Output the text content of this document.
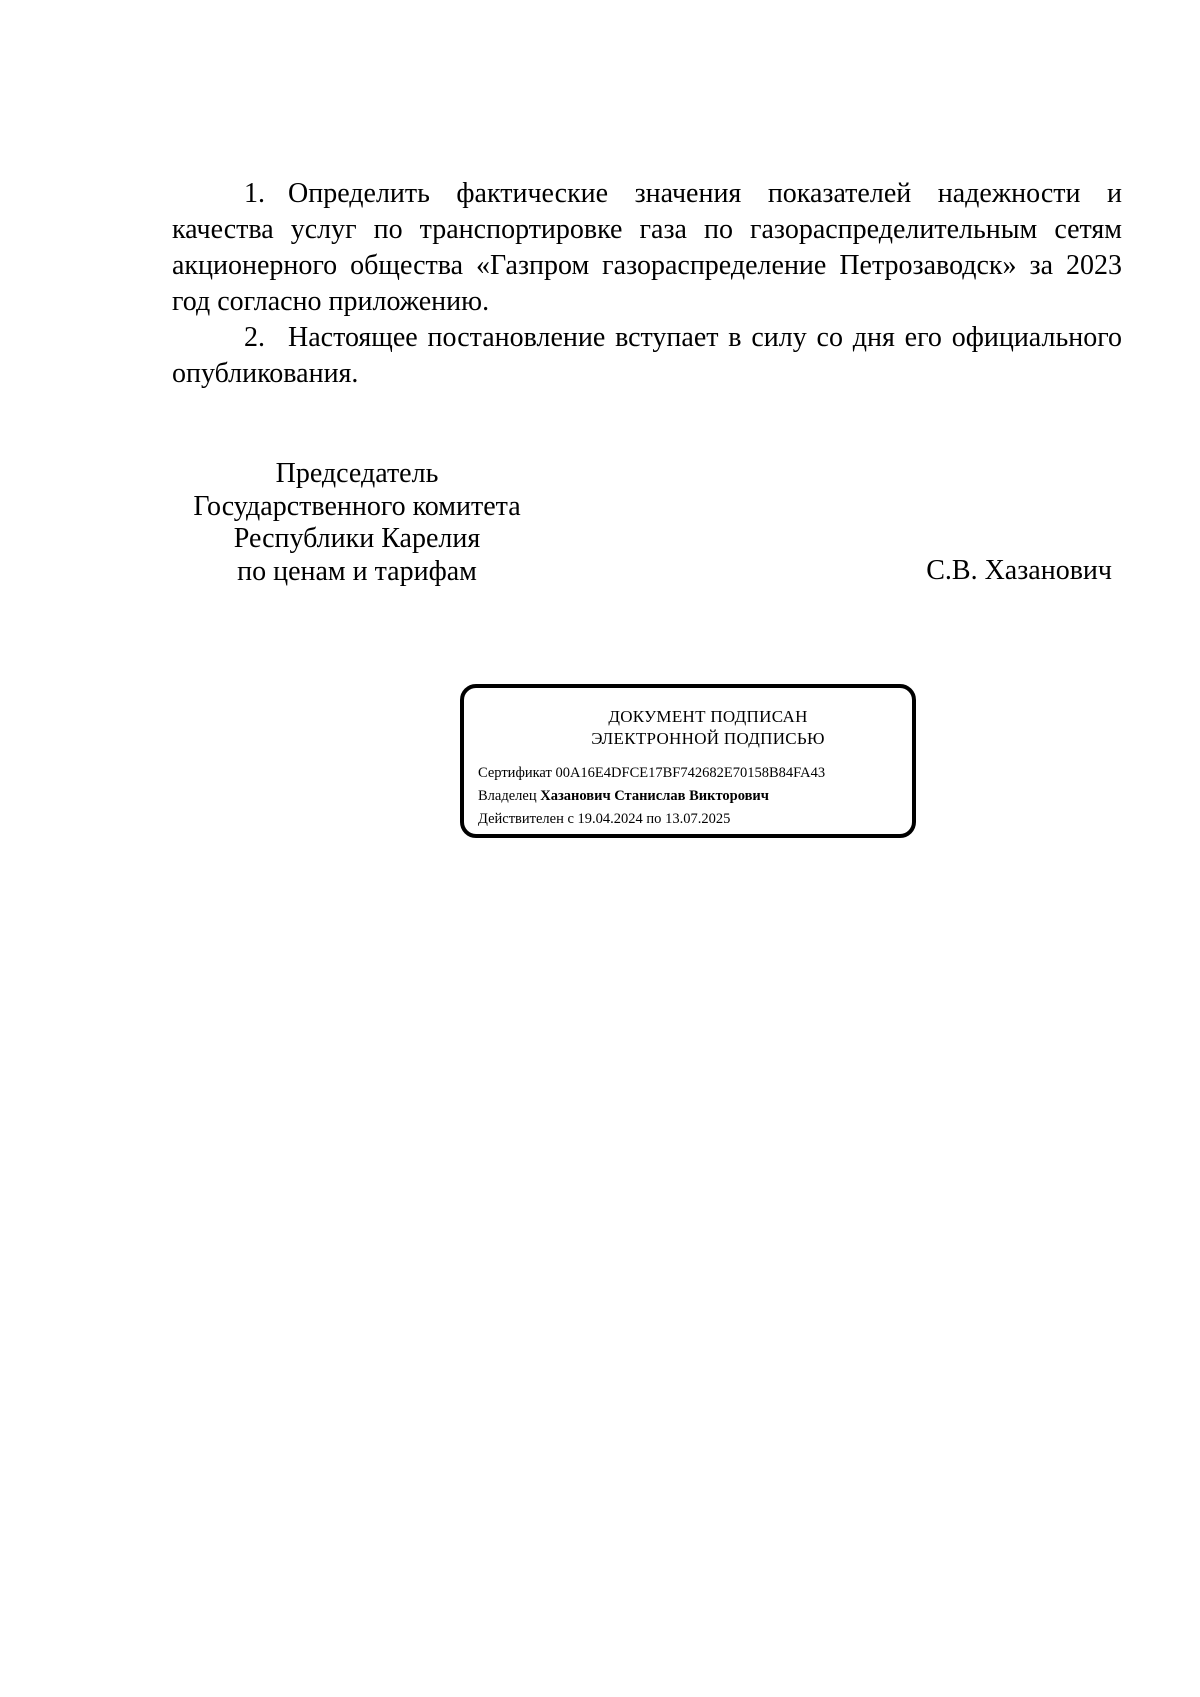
1. Определить фактические значения показателей надежности и качества услуг по транспортировке газа по газораспределительным сетям акционерного общества «Газпром газораспределение Петрозаводск» за 2023 год согласно приложению.

2. Настоящее постановление вступает в силу со дня его официального опубликования.

Председатель
Государственного комитета
Республики Карелия
по ценам и тарифам	С.В. Хазанович
ДОКУМЕНТ ПОДПИСАН
ЭЛЕКТРОННОЙ ПОДПИСЬЮ
Сертификат 00A16E4DFCE17BF742682E70158B84FA43
Владелец Хазанович Станислав Викторович
Действителен с 19.04.2024 по 13.07.2025
